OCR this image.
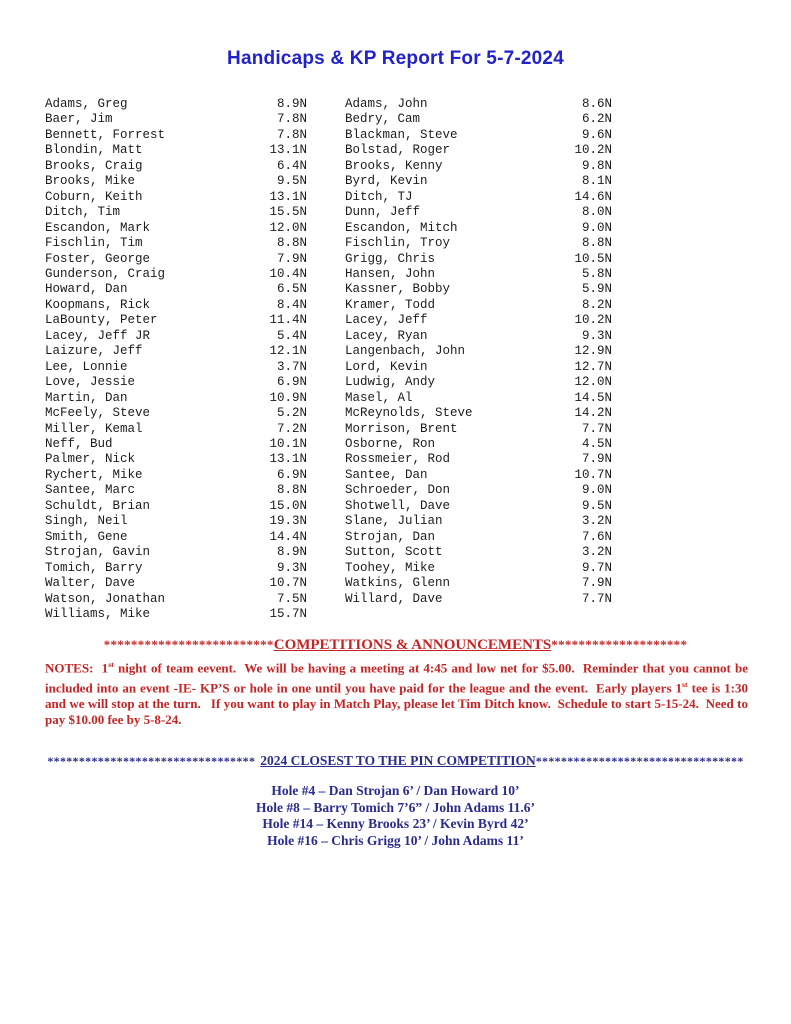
Handicaps & KP Report For 5-7-2024
Adams, Greg	8.9N
Baer, Jim	7.8N
Bennett, Forrest	7.8N
Blondin, Matt	13.1N
Brooks, Craig	6.4N
Brooks, Mike	9.5N
Coburn, Keith	13.1N
Ditch, Tim	15.5N
Escandon, Mark	12.0N
Fischlin, Tim	8.8N
Foster, George	7.9N
Gunderson, Craig	10.4N
Howard, Dan	6.5N
Koopmans, Rick	8.4N
LaBounty, Peter	11.4N
Lacey, Jeff JR	5.4N
Laizure, Jeff	12.1N
Lee, Lonnie	3.7N
Love, Jessie	6.9N
Martin, Dan	10.9N
McFeely, Steve	5.2N
Miller, Kemal	7.2N
Neff, Bud	10.1N
Palmer, Nick	13.1N
Rychert, Mike	6.9N
Santee, Marc	8.8N
Schuldt, Brian	15.0N
Singh, Neil	19.3N
Smith, Gene	14.4N
Strojan, Gavin	8.9N
Tomich, Barry	9.3N
Walter, Dave	10.7N
Watson, Jonathan	7.5N
Williams, Mike	15.7N
Adams, John	8.6N
Bedry, Cam	6.2N
Blackman, Steve	9.6N
Bolstad, Roger	10.2N
Brooks, Kenny	9.8N
Byrd, Kevin	8.1N
Ditch, TJ	14.6N
Dunn, Jeff	8.0N
Escandon, Mitch	9.0N
Fischlin, Troy	8.8N
Grigg, Chris	10.5N
Hansen, John	5.8N
Kassner, Bobby	5.9N
Kramer, Todd	8.2N
Lacey, Jeff	10.2N
Lacey, Ryan	9.3N
Langenbach, John	12.9N
Lord, Kevin	12.7N
Ludwig, Andy	12.0N
Masel, Al	14.5N
McReynolds, Steve	14.2N
Morrison, Brent	7.7N
Osborne, Ron	4.5N
Rossmeier, Rod	7.9N
Santee, Dan	10.7N
Schroeder, Don	9.0N
Shotwell, Dave	9.5N
Slane, Julian	3.2N
Strojan, Dan	7.6N
Sutton, Scott	3.2N
Toohey, Mike	9.7N
Watkins, Glenn	7.9N
Willard, Dave	7.7N
*************************COMPETITIONS & ANNOUNCEMENTS********************

NOTES:  1st night of team eevent.  We will be having a meeting at 4:45 and low net for $5.00.  Reminder that you cannot be included into an event -IE- KP’S or hole in one until you have paid for the league and the event.  Early players 1st tee is 1:30 and we will stop at the turn.   If you want to play in Match Play, please let Tim Ditch know.  Schedule to start 5-15-24.  Need to pay $10.00 fee by 5-8-24.

********************************* 2024 CLOSEST TO THE PIN COMPETITION*********************************
Hole #4 – Dan Strojan 6’ / Dan Howard 10’
Hole #8 – Barry Tomich 7’6” / John Adams 11.6’
Hole #14 – Kenny Brooks 23’ / Kevin Byrd 42’
Hole #16 – Chris Grigg 10’ / John Adams 11’
